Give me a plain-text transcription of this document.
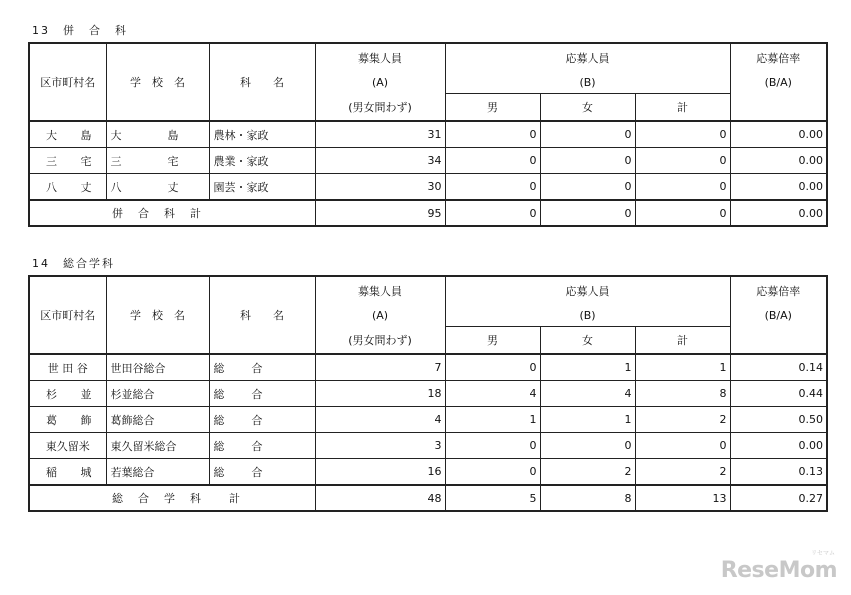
13　併　合　科
区市町村名	学　校　名	科　　名	募集人員	応募人員			応募倍率
			(A)	(B)			(B/A)
			(男女問わず)	男	女	計	

大 島	大 島	農林・家政	31	0	0	0	0.00

三 宅	三 宅	農業・家政	34	0	0	0	0.00

八 丈	八 丈	園芸・家政	30	0	0	0	0.00
	併　合　科　計		95	0	0	0	0.00
14　総合学科
区市町村名	学　校　名	科　　名	募集人員	応募人員			応募倍率
			(A)	(B)			(B/A)
			(男女問わず)	男	女	計	
世 田 谷	世田谷総合	総 合	7	0	1	1	0.14

杉 並	杉並総合	総 合	18	4	4	8	0.44

葛 飾	葛飾総合	総 合	4	1	1	2	0.50
東久留米	東久留米総合	総 合	3	0	0	0	0.00

稲 城	若葉総合	総 合	16	0	2	2	0.13
	総　合　学　科　　計		48	5	8	13	0.27
リセマム
ReseMom
